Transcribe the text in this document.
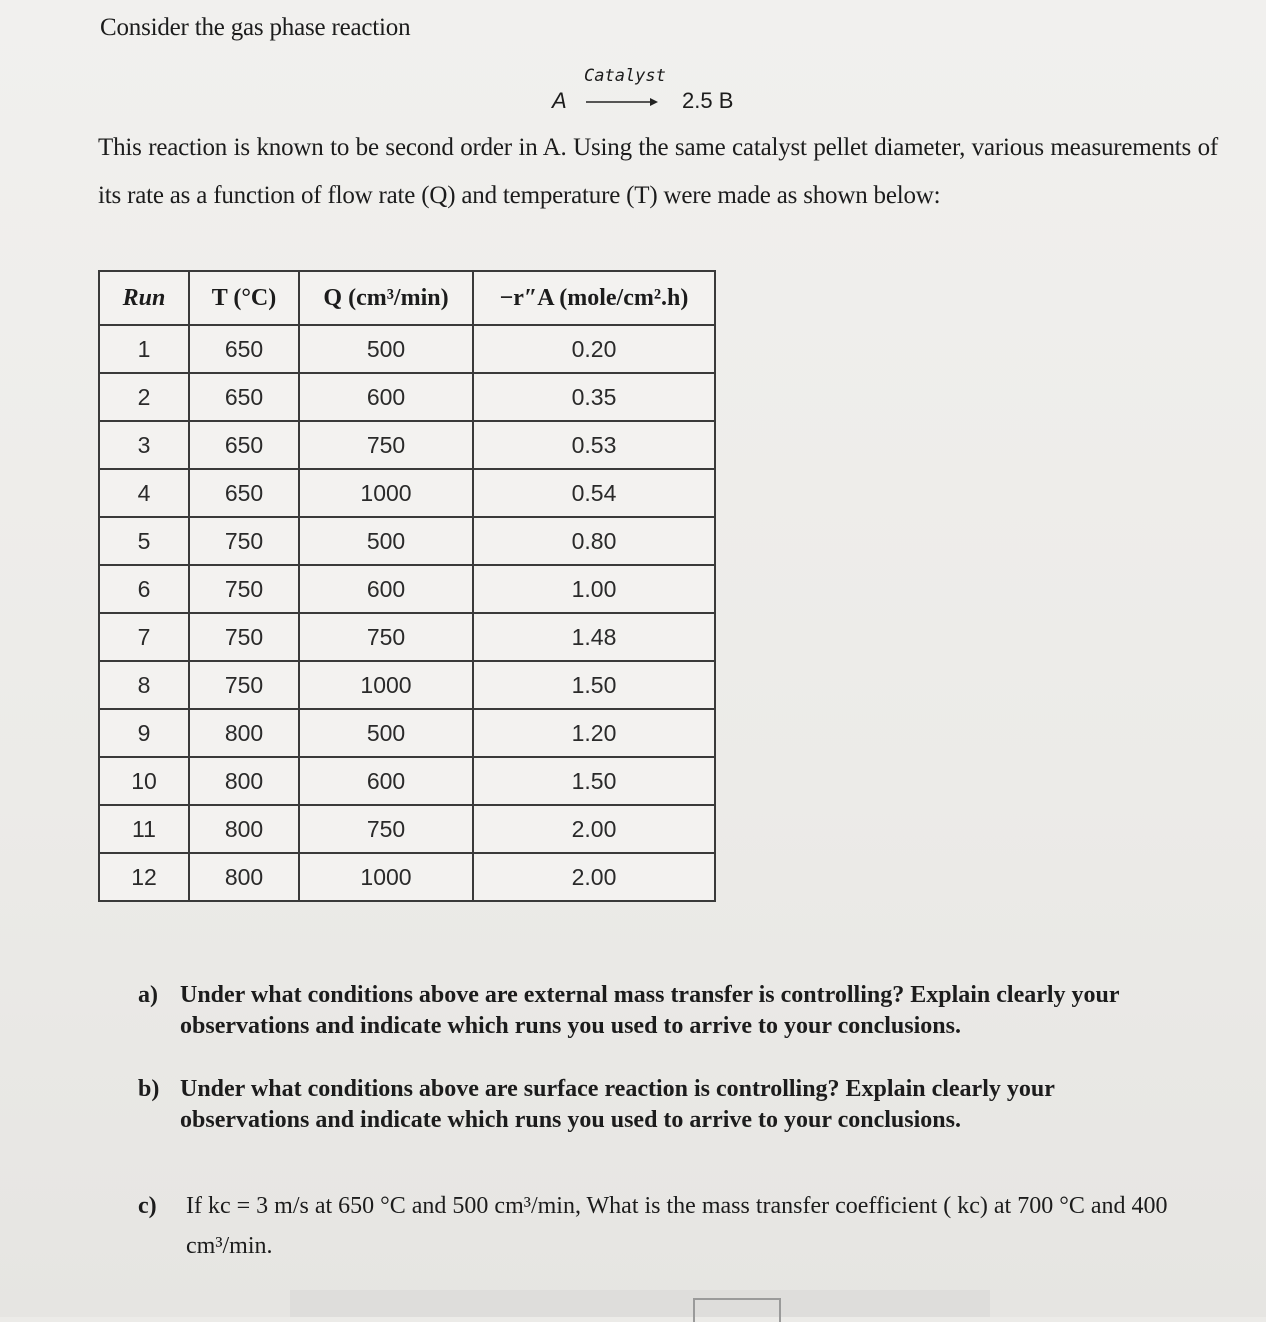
Consider the gas phase reaction
Catalyst
A	2.5 B
This reaction is known to be second order in A. Using the same catalyst pellet diameter, various measurements of its rate as a function of flow rate (Q) and temperature (T) were made as shown below:
Run	T (°C)	Q (cm³/min)	−r″A (mole/cm².h)
1	650	500	0.20
2	650	600	0.35
3	650	750	0.53
4	650	1000	0.54
5	750	500	0.80
6	750	600	1.00
7	750	750	1.48
8	750	1000	1.50
9	800	500	1.20
10	800	600	1.50
11	800	750	2.00
12	800	1000	2.00
a) Under what conditions above are external mass transfer is controlling? Explain clearly your observations and indicate which runs you used to arrive to your conclusions.
b) Under what conditions above are surface reaction is controlling? Explain clearly your observations and indicate which runs you used to arrive to your conclusions.
c) If kc = 3 m/s at 650 °C and 500 cm³/min, What is the mass transfer coefficient ( kc) at 700 °C and 400 cm³/min.
